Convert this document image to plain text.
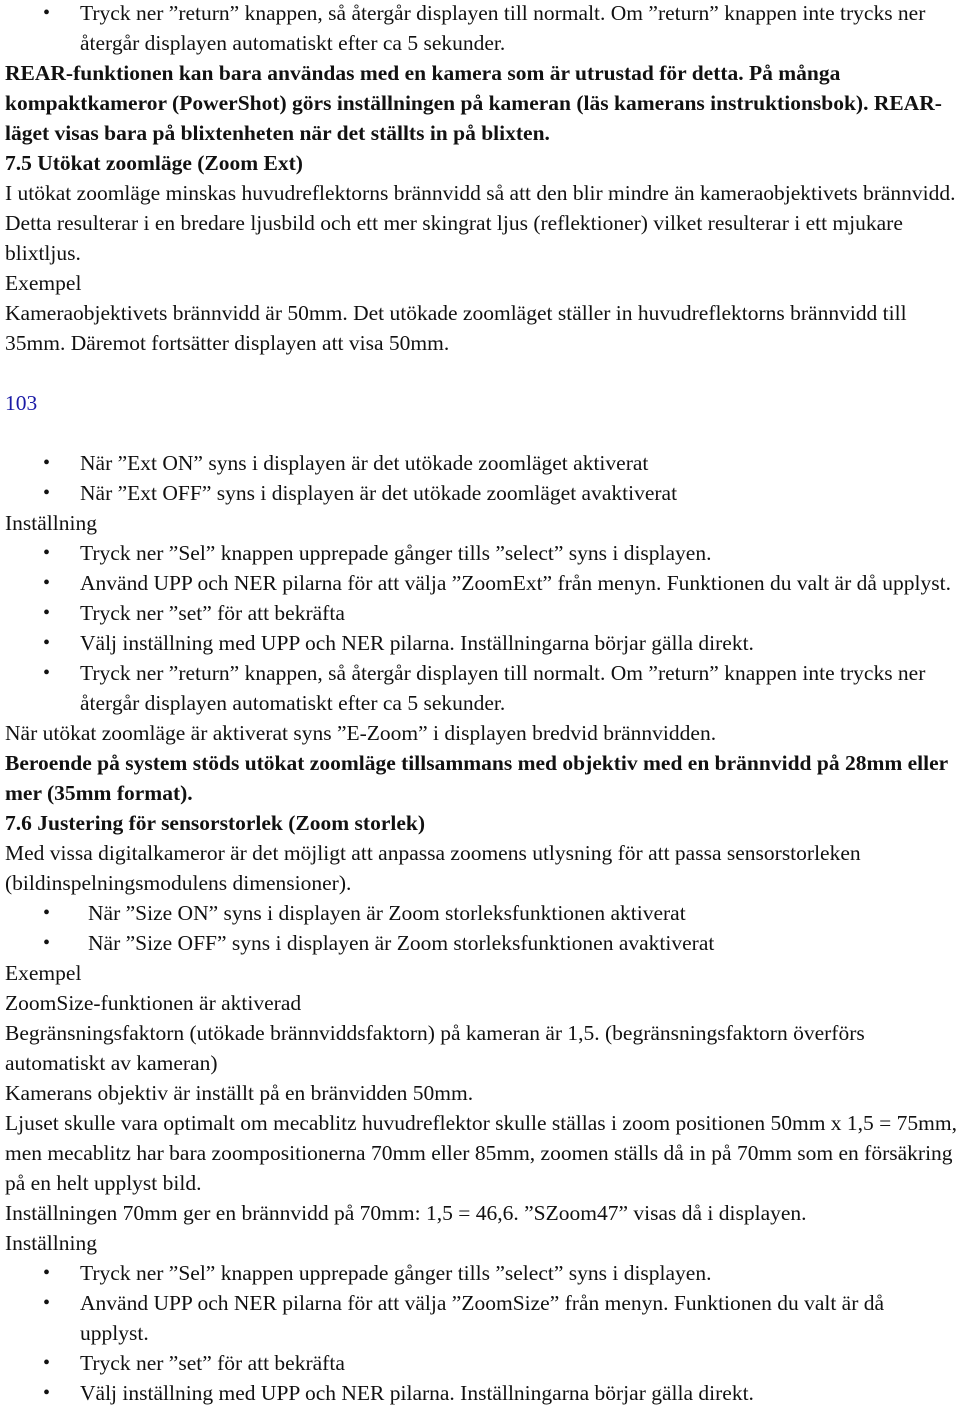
• Tryck ner ”return” knappen, så återgår displayen till normalt. Om ”return” knappen inte trycks ner återgår displayen automatiskt efter ca 5 sekunder.

REAR-funktionen kan bara användas med en kamera som är utrustad för detta. På många kompaktkameror (PowerShot) görs inställningen på kameran (läs kamerans instruktionsbok). REAR-läget visas bara på blixtenheten när det ställts in på blixten.

7.5 Utökat zoomläge (Zoom Ext)

I utökat zoomläge minskas huvudreflektorns brännvidd så att den blir mindre än kameraobjektivets brännvidd. Detta resulterar i en bredare ljusbild och ett mer skingrat ljus (reflektioner) vilket resulterar i ett mjukare blixtljus.

Exempel

Kameraobjektivets brännvidd är 50mm. Det utökade zoomläget ställer in huvudreflektorns brännvidd till 35mm. Däremot fortsätter displayen att visa 50mm.

103

• När ”Ext ON” syns i displayen är det utökade zoomläget aktiverat
• När ”Ext OFF” syns i displayen är det utökade zoomläget avaktiverat

Inställning

• Tryck ner ”Sel” knappen upprepade gånger tills ”select” syns i displayen.
• Använd UPP och NER pilarna för att välja ”ZoomExt” från menyn. Funktionen du valt är då upplyst.
• Tryck ner ”set” för att bekräfta
• Välj inställning med UPP och NER pilarna. Inställningarna börjar gälla direkt.
• Tryck ner ”return” knappen, så återgår displayen till normalt. Om ”return” knappen inte trycks ner återgår displayen automatiskt efter ca 5 sekunder.

När utökat zoomläge är aktiverat syns ”E-Zoom” i displayen bredvid brännvidden.

Beroende på system stöds utökat zoomläge tillsammans med objektiv med en brännvidd på 28mm eller mer (35mm format).

7.6 Justering för sensorstorlek (Zoom storlek)

Med vissa digitalkameror är det möjligt att anpassa zoomens utlysning för att passa sensorstorleken (bildinspelningsmodulens dimensioner).

• När ”Size ON” syns i displayen är Zoom storleksfunktionen aktiverat
• När ”Size OFF” syns i displayen är Zoom storleksfunktionen avaktiverat

Exempel

ZoomSize-funktionen är aktiverad

Begränsningsfaktorn (utökade brännviddsfaktorn) på kameran är 1,5. (begränsningsfaktorn överförs automatiskt av kameran)

Kamerans objektiv är inställt på en bränvidden 50mm.

Ljuset skulle vara optimalt om mecablitz huvudreflektor skulle ställas i zoom positionen 50mm x 1,5 = 75mm, men mecablitz har bara zoompositionerna 70mm eller 85mm, zoomen ställs då in på 70mm som en försäkring på en helt upplyst bild.

Inställningen 70mm ger en brännvidd på 70mm: 1,5 = 46,6. ”SZoom47” visas då i displayen.

Inställning

• Tryck ner ”Sel” knappen upprepade gånger tills ”select” syns i displayen.
• Använd UPP och NER pilarna för att välja ”ZoomSize” från menyn. Funktionen du valt är då upplyst.
• Tryck ner ”set” för att bekräfta
• Välj inställning med UPP och NER pilarna. Inställningarna börjar gälla direkt.
